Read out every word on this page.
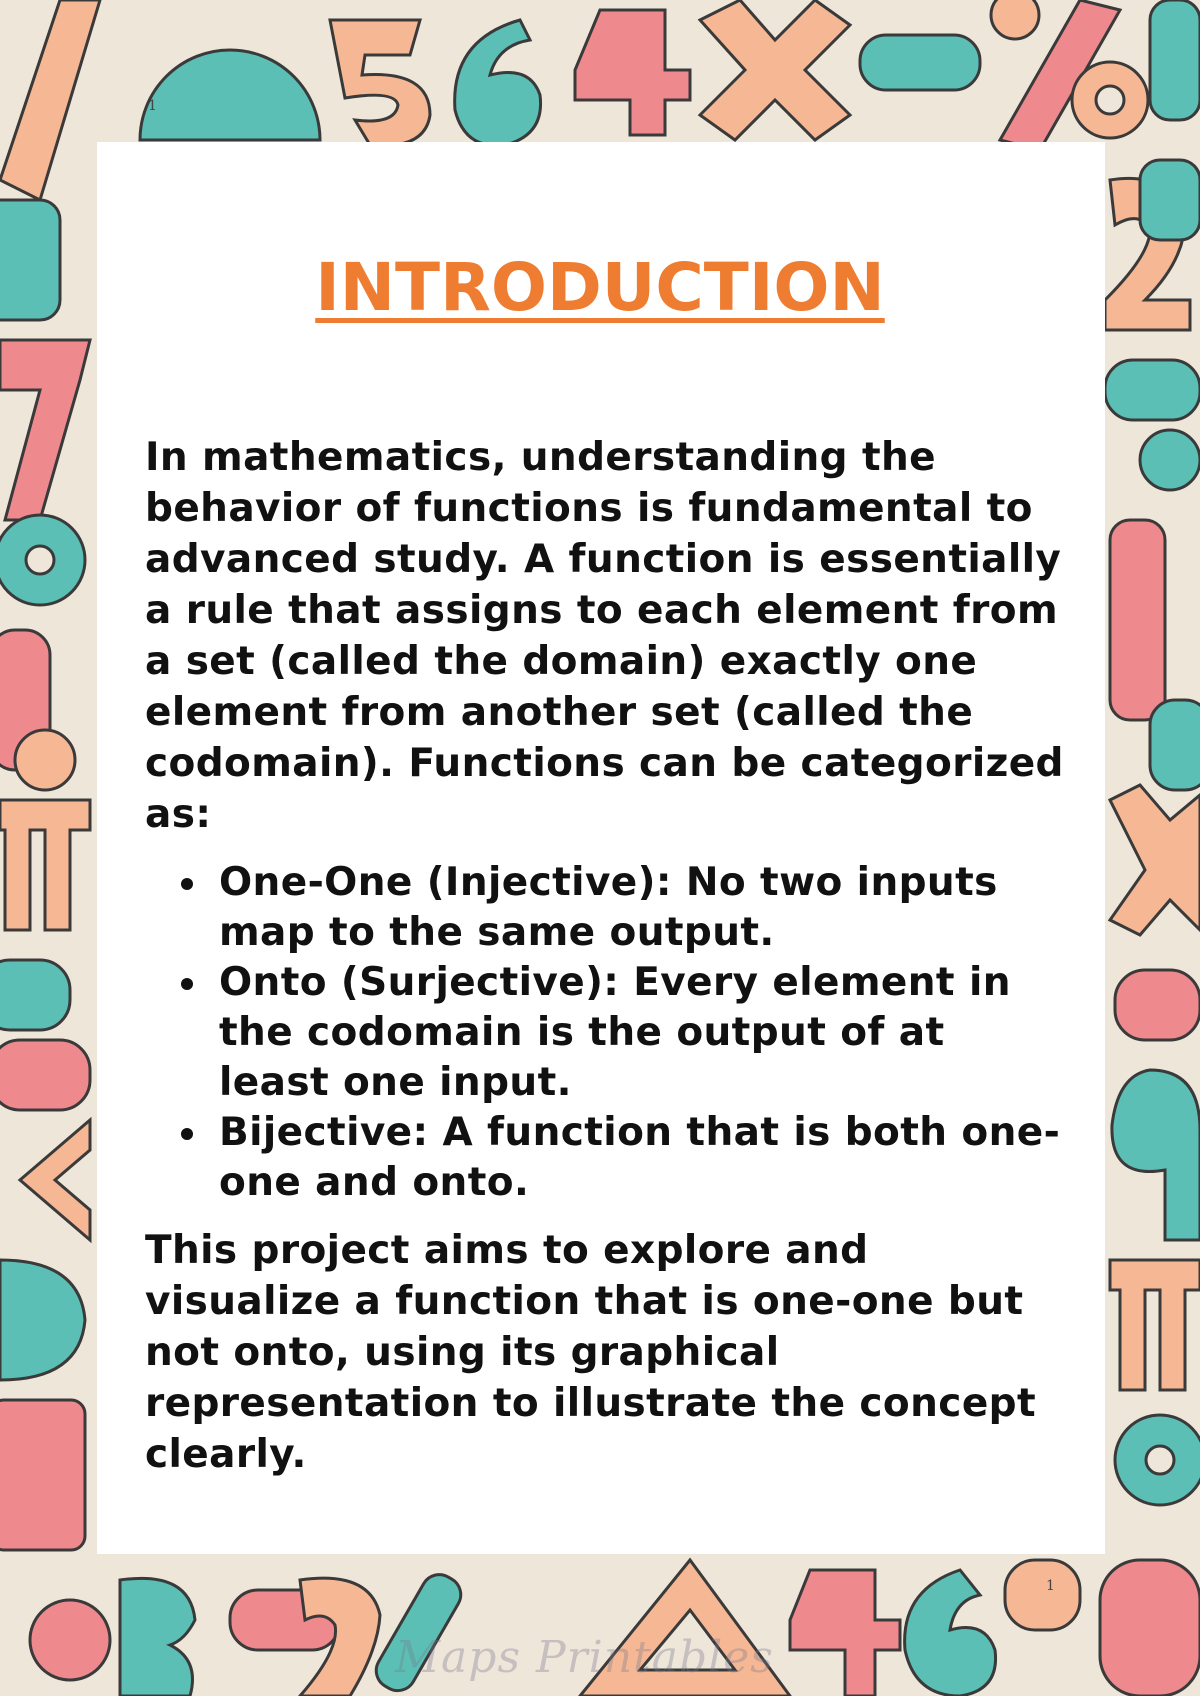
1
1
Maps Printables
INTRODUCTION

In mathematics, understanding the behavior of functions is fundamental to advanced study. A function is essentially a rule that assigns to each element from a set (called the domain) exactly one element from another set (called the codomain). Functions can be categorized as:

One-One (Injective): No two inputs map to the same output.
Onto (Surjective): Every element in the codomain is the output of at least one input.
Bijective: A function that is both one-one and onto.

This project aims to explore and visualize a function that is one-one but not onto, using its graphical representation to illustrate the concept clearly.
